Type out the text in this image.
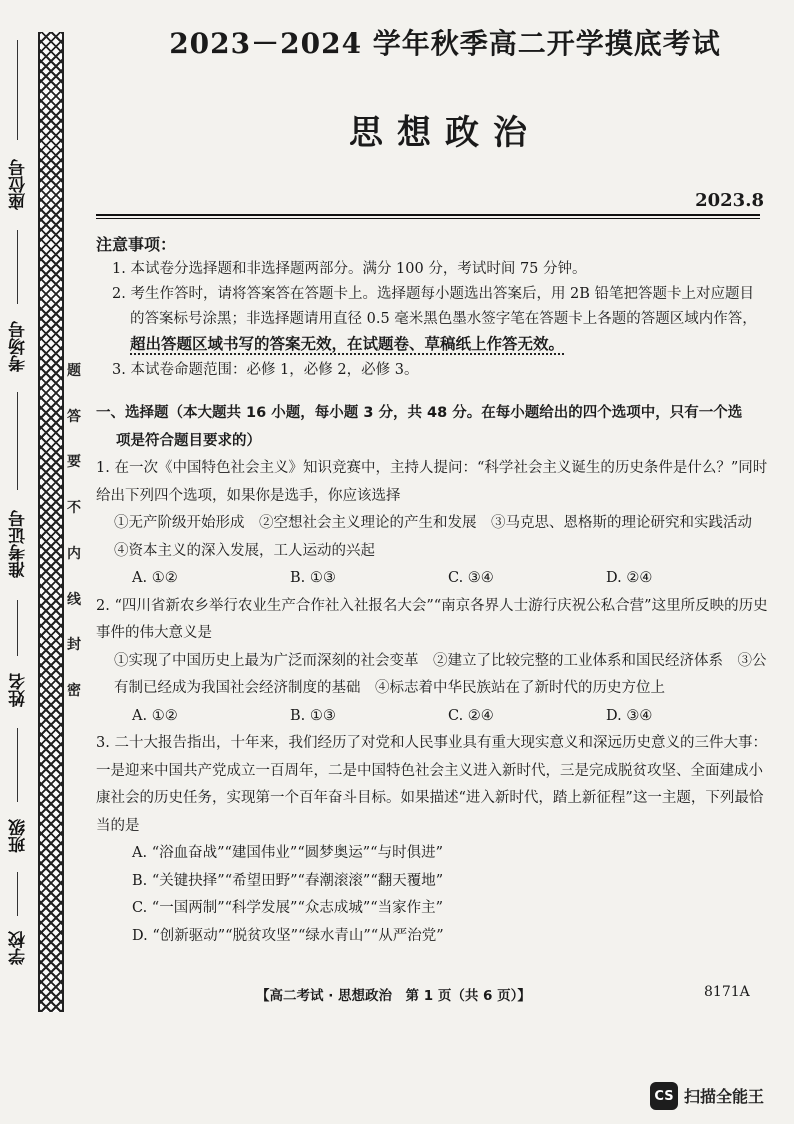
座位号
考场号
准考证号
姓名
班级
学校
题
答
要
不
内
线
封
密
2023－2024 学年秋季高二开学摸底考试
思想政治
2023.8
注意事项：
1. 本试卷分选择题和非选择题两部分。满分 100 分，考试时间 75 分钟。
2. 考生作答时，请将答案答在答题卡上。选择题每小题选出答案后，用 2B 铅笔把答题卡上对应题目的答案标号涂黑；非选择题请用直径 0.5 毫米黑色墨水签字笔在答题卡上各题的答题区域内作答，超出答题区域书写的答案无效，在试题卷、草稿纸上作答无效。
3. 本试卷命题范围：必修 1，必修 2，必修 3。
一、选择题（本大题共 16 小题，每小题 3 分，共 48 分。在每小题给出的四个选项中，只有一个选
项是符合题目要求的）
1. 在一次《中国特色社会主义》知识竞赛中，主持人提问：“科学社会主义诞生的历史条件是什么？”同时给出下列四个选项，如果你是选手，你应该选择
①无产阶级开始形成　②空想社会主义理论的产生和发展　③马克思、恩格斯的理论研究和实践活动　④资本主义的深入发展，工人运动的兴起
A. ①②	B. ①③	C. ③④	D. ②④
2. “四川省新农乡举行农业生产合作社入社报名大会”“南京各界人士游行庆祝公私合营”这里所反映的历史事件的伟大意义是
①实现了中国历史上最为广泛而深刻的社会变革　②建立了比较完整的工业体系和国民经济体系　③公有制已经成为我国社会经济制度的基础　④标志着中华民族站在了新时代的历史方位上
A. ①②	B. ①③	C. ②④	D. ③④
3. 二十大报告指出，十年来，我们经历了对党和人民事业具有重大现实意义和深远历史意义的三件大事：一是迎来中国共产党成立一百周年，二是中国特色社会主义进入新时代，三是完成脱贫攻坚、全面建成小康社会的历史任务，实现第一个百年奋斗目标。如果描述“进入新时代，踏上新征程”这一主题，下列最恰当的是
A. “浴血奋战”“建国伟业”“圆梦奥运”“与时俱进”
B. “关键抉择”“希望田野”“春潮滚滚”“翻天覆地”
C. “一国两制”“科学发展”“众志成城”“当家作主”
D. “创新驱动”“脱贫攻坚”“绿水青山”“从严治党”
【高二考试 · 思想政治　第 1 页（共 6 页）】	8171A
CS 扫描全能王
